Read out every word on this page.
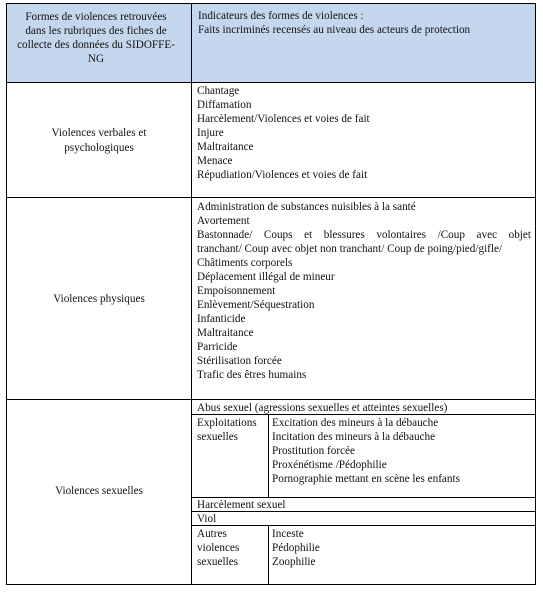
Formes de violences retrouvées
dans les rubriques des fiches de
collecte des données du SIDOFFE-
NG
Indicateurs des formes de violences :
Faits incriminés recensés au niveau des acteurs de protection
Violences verbales et
psychologiques
Chantage
Diffamation
Harcèlement/Violences et voies de fait
Injure
Maltraitance
Menace
Répudiation/Violences et voies de fait
Violences physiques
Administration de substances nuisibles à la santé
Avortement
Bastonnade/ Coups et blessures volontaires /Coup avec objet
tranchant/ Coup avec objet non tranchant/ Coup de poing/pied/gifle/
Châtiments corporels
Déplacement illégal de mineur
Empoisonnement
Enlèvement/Séquestration
Infanticide
Maltraitance
Parricide
Stérilisation forcée
Trafic des êtres humains
Violences sexuelles
Abus sexuel (agressions sexuelles et atteintes sexuelles)
Exploitations
sexuelles
Excitation des mineurs à la débauche
Incitation des mineurs à la débauche
Prostitution forcée
Proxénétisme /Pédophilie
Pornographie mettant en scène les enfants
Harcèlement sexuel
Viol
Autres
violences
sexuelles
Inceste
Pédophilie
Zoophilie
